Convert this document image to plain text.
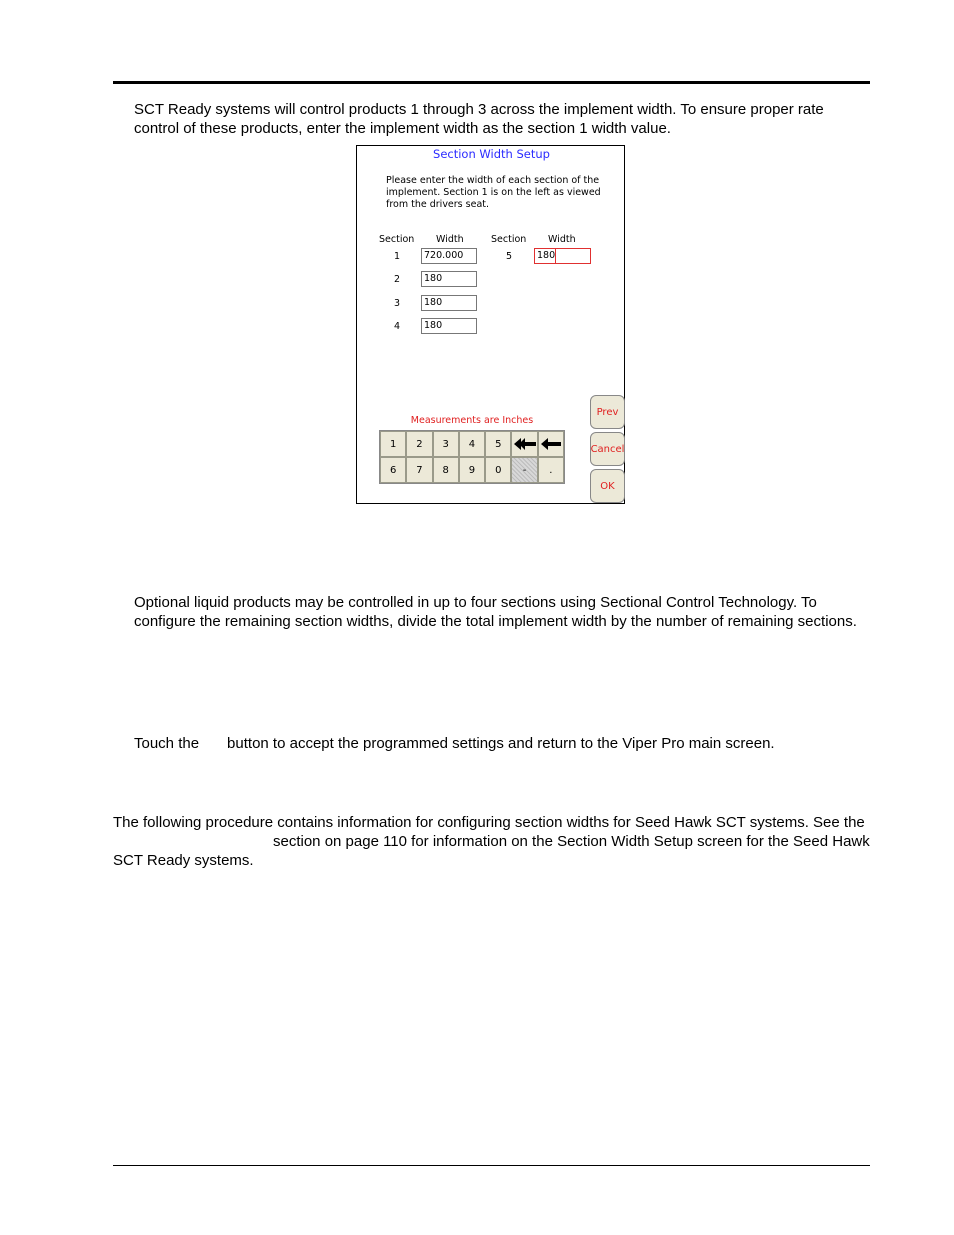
SCT Ready systems will control products 1 through 3 across the implement width. To ensure proper rate control of these products, enter the implement width as the section 1 width value.

Section Width Setup
Please enter the width of each section of the implement. Section 1 is on the left as viewed from the drivers seat.
Section Width	Section Width
1	720.000
2	180
3	180
4	180
5	180
Measurements are Inches
1	2	3	4	5
6	7	8	9	0	-	.
Prev
Cancel
OK

Optional liquid products may be controlled in up to four sections using Sectional Control Technology. To configure the remaining section widths, divide the total implement width by the number of remaining sections.

Touch the button to accept the programmed settings and return to the Viper Pro main screen.

The following procedure contains information for configuring section widths for Seed Hawk SCT systems. See thesection on page 110 for information on the Section Width Setup screen for the Seed Hawk SCT Ready systems.
